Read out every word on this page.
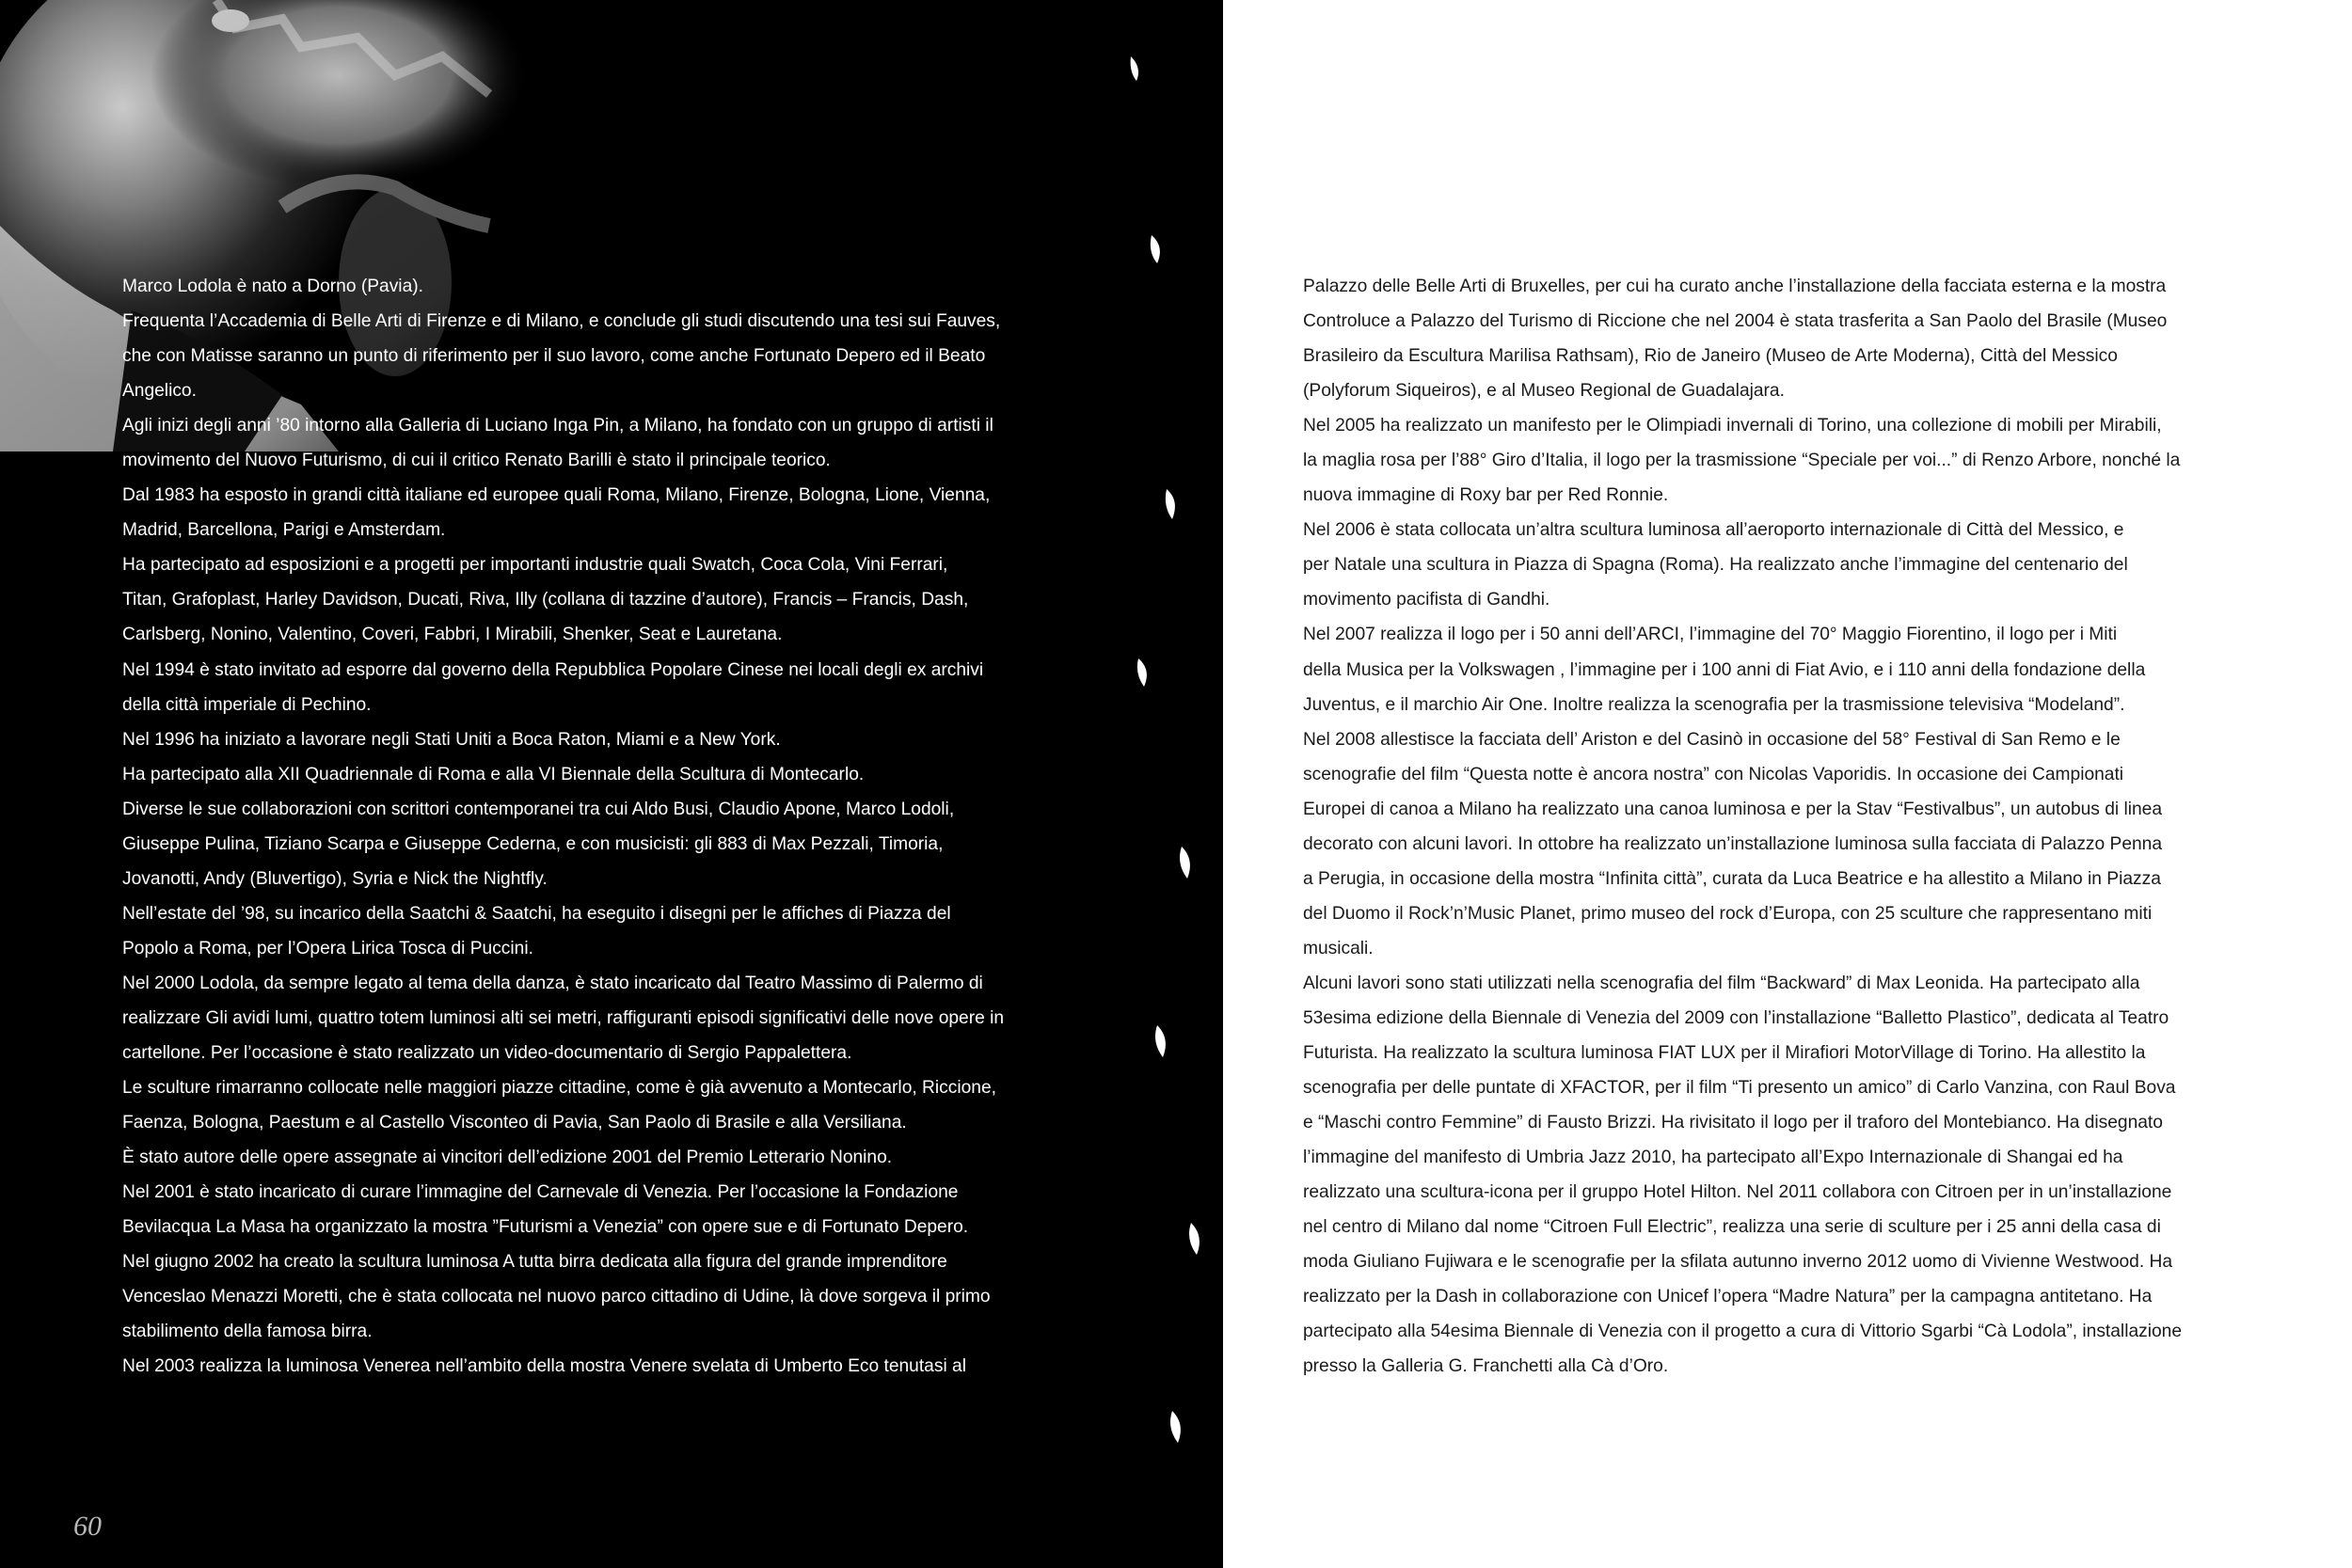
Marco Lodola è nato a Dorno (Pavia).

Frequenta l’Accademia di Belle Arti di Firenze e di Milano, e conclude gli studi discutendo una tesi sui Fauves,

che con Matisse saranno un punto di riferimento per il suo lavoro, come anche Fortunato Depero ed il Beato

Angelico.

Agli inizi degli anni ’80 intorno alla Galleria di Luciano Inga Pin, a Milano, ha fondato con un gruppo di artisti il

movimento del Nuovo Futurismo, di cui il critico Renato Barilli è stato il principale teorico.

Dal 1983 ha esposto in grandi città italiane ed europee quali Roma, Milano, Firenze, Bologna, Lione, Vienna,

Madrid, Barcellona, Parigi e Amsterdam.

Ha partecipato ad esposizioni e a progetti per importanti industrie quali Swatch, Coca Cola, Vini Ferrari,

Titan, Grafoplast, Harley Davidson, Ducati, Riva, Illy (collana di tazzine d’autore), Francis – Francis, Dash,

Carlsberg, Nonino, Valentino, Coveri, Fabbri, I Mirabili, Shenker, Seat e Lauretana.

Nel 1994 è stato invitato ad esporre dal governo della Repubblica Popolare Cinese nei locali degli ex archivi

della città imperiale di Pechino.

Nel 1996 ha iniziato a lavorare negli Stati Uniti a Boca Raton, Miami e a New York.

Ha partecipato alla XII Quadriennale di Roma e alla VI Biennale della Scultura di Montecarlo.

Diverse le sue collaborazioni con scrittori contemporanei tra cui Aldo Busi, Claudio Apone, Marco Lodoli,

Giuseppe Pulina, Tiziano Scarpa e Giuseppe Cederna, e con musicisti: gli 883 di Max Pezzali, Timoria,

Jovanotti, Andy (Bluvertigo), Syria e Nick the Nightfly.

Nell’estate del ’98, su incarico della Saatchi & Saatchi, ha eseguito i disegni per le affiches di Piazza del

Popolo a Roma, per l’Opera Lirica Tosca di Puccini.

Nel 2000 Lodola, da sempre legato al tema della danza, è stato incaricato dal Teatro Massimo di Palermo di

realizzare Gli avidi lumi, quattro totem luminosi alti sei metri, raffiguranti episodi significativi delle nove opere in

cartellone. Per l’occasione è stato realizzato un video-documentario di Sergio Pappalettera.

Le sculture rimarranno collocate nelle maggiori piazze cittadine, come è già avvenuto a Montecarlo, Riccione,

Faenza, Bologna, Paestum e al Castello Visconteo di Pavia, San Paolo di Brasile e alla Versiliana.

È stato autore delle opere assegnate ai vincitori dell’edizione 2001 del Premio Letterario Nonino.

Nel 2001 è stato incaricato di curare l’immagine del Carnevale di Venezia. Per l’occasione la Fondazione

Bevilacqua La Masa ha organizzato la mostra ”Futurismi a Venezia” con opere sue e di Fortunato Depero.

Nel giugno 2002 ha creato la scultura luminosa A tutta birra dedicata alla figura del grande imprenditore

Venceslao Menazzi Moretti, che è stata collocata nel nuovo parco cittadino di Udine, là dove sorgeva il primo

stabilimento della famosa birra.

Nel 2003 realizza la luminosa Venerea nell’ambito della mostra Venere svelata di Umberto Eco tenutasi al

60

Palazzo delle Belle Arti di Bruxelles, per cui ha curato anche l’installazione della facciata esterna e la mostra

Controluce a Palazzo del Turismo di Riccione che nel 2004 è stata trasferita a San Paolo del Brasile (Museo

Brasileiro da Escultura Marilisa Rathsam), Rio de Janeiro (Museo de Arte Moderna), Città del Messico

(Polyforum Siqueiros), e al Museo Regional de Guadalajara.

Nel 2005 ha realizzato un manifesto per le Olimpiadi invernali di Torino, una collezione di mobili per Mirabili,

la maglia rosa per l’88° Giro d’Italia, il logo per la trasmissione “Speciale per voi...” di Renzo Arbore, nonché la

nuova immagine di Roxy bar per Red Ronnie.

Nel 2006 è stata collocata un’altra scultura luminosa all’aeroporto internazionale di Città del Messico, e

per Natale una scultura in Piazza di Spagna (Roma). Ha realizzato anche l’immagine del centenario del

movimento pacifista di Gandhi.

Nel 2007 realizza il logo per i 50 anni dell’ARCI, l’immagine del 70° Maggio Fiorentino, il logo per i Miti

della Musica per la Volkswagen , l’immagine per i 100 anni di Fiat Avio, e i 110 anni della fondazione della

Juventus, e il marchio Air One. Inoltre realizza la scenografia per la trasmissione televisiva “Modeland”.

Nel 2008 allestisce la facciata dell’ Ariston e del Casinò in occasione del 58° Festival di San Remo e le

scenografie del film “Questa notte è ancora nostra” con Nicolas Vaporidis. In occasione dei Campionati

Europei di canoa a Milano ha realizzato una canoa luminosa e per la Stav “Festivalbus”, un autobus di linea

decorato con alcuni lavori. In ottobre ha realizzato un’installazione luminosa sulla facciata di Palazzo Penna

a Perugia, in occasione della mostra “Infinita città”, curata da Luca Beatrice e ha allestito a Milano in Piazza

del Duomo il Rock’n’Music Planet, primo museo del rock d’Europa, con 25 sculture che rappresentano miti

musicali.

Alcuni lavori sono stati utilizzati nella scenografia del film “Backward” di Max Leonida. Ha partecipato alla

53esima edizione della Biennale di Venezia del 2009 con l’installazione “Balletto Plastico”, dedicata al Teatro

Futurista. Ha realizzato la scultura luminosa FIAT LUX per il Mirafiori MotorVillage di Torino. Ha allestito la

scenografia per delle puntate di XFACTOR, per il film “Ti presento un amico” di Carlo Vanzina, con Raul Bova

e “Maschi contro Femmine” di Fausto Brizzi. Ha rivisitato il logo per il traforo del Montebianco. Ha disegnato

l’immagine del manifesto di Umbria Jazz 2010, ha partecipato all’Expo Internazionale di Shangai ed ha

realizzato una scultura-icona per il gruppo Hotel Hilton. Nel 2011 collabora con Citroen per in un’installazione

nel centro di Milano dal nome “Citroen Full Electric”, realizza una serie di sculture per i 25 anni della casa di

moda Giuliano Fujiwara e le scenografie per la sfilata autunno inverno 2012 uomo di Vivienne Westwood. Ha

realizzato per la Dash in collaborazione con Unicef l’opera “Madre Natura” per la campagna antitetano. Ha

partecipato alla 54esima Biennale di Venezia con il progetto a cura di Vittorio Sgarbi “Cà Lodola”, installazione

presso la Galleria G. Franchetti alla Cà d’Oro.
